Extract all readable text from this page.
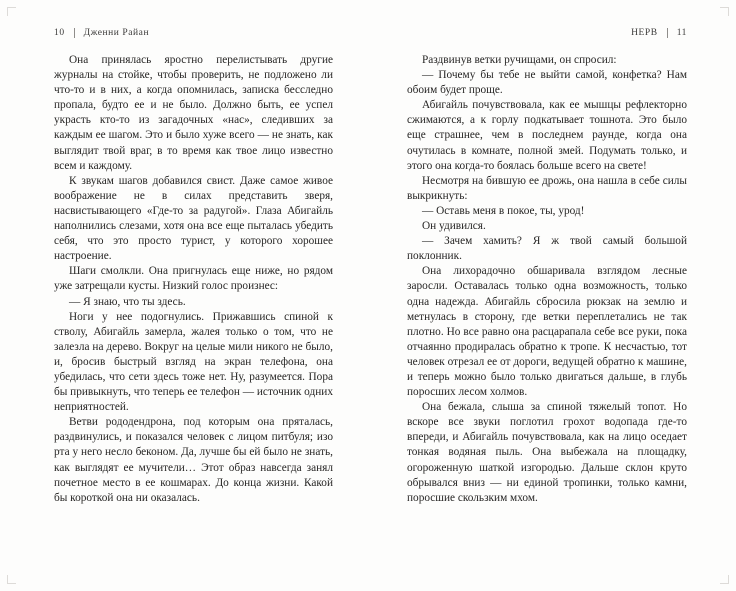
10 Дженни Райан

Она принялась яростно перелистывать другие журналы на стойке, чтобы проверить, не подложено ли что-то и в них, а когда опомнилась, записка бесследно пропала, будто ее и не было. Должно быть, ее успел украсть кто-то из загадочных «нас», следивших за каждым ее шагом. Это и было хуже всего — не знать, как выглядит твой враг, в то время как твое лицо известно всем и каждому.

К звукам шагов добавился свист. Даже самое живое воображение не в силах представить зверя, насвистывающего «Где-то за радугой». Глаза Абигайль наполнились слезами, хотя она все еще пыталась убедить себя, что это просто турист, у которого хорошее настроение.

Шаги смолкли. Она пригнулась еще ниже, но рядом уже затрещали кусты. Низкий голос произнес:

— Я знаю, что ты здесь.

Ноги у нее подогнулись. Прижавшись спиной к стволу, Абигайль замерла, жалея только о том, что не залезла на дерево. Вокруг на целые мили никого не было, и, бросив быстрый взгляд на экран телефона, она убедилась, что сети здесь тоже нет. Ну, разумеется. Пора бы привыкнуть, что теперь ее телефон — источник одних неприятностей.

Ветви рододендрона, под которым она пряталась, раздвинулись, и показался человек с лицом питбуля; изо рта у него несло беконом. Да, лучше бы ей было не знать, как выглядят ее мучители… Этот образ навсегда занял почетное место в ее кошмарах. До конца жизни. Какой бы короткой она ни оказалась.

НЕРВ 11

Раздвинув ветки ручищами, он спросил:

— Почему бы тебе не выйти самой, конфетка? Нам обоим будет проще.

Абигайль почувствовала, как ее мышцы рефлекторно сжимаются, а к горлу подкатывает тошнота. Это было еще страшнее, чем в последнем раунде, когда она очутилась в комнате, полной змей. Подумать только, и этого она когда-то боялась больше всего на свете!

Несмотря на бившую ее дрожь, она нашла в себе силы выкрикнуть:

— Оставь меня в покое, ты, урод!

Он удивился.

— Зачем хамить? Я ж твой самый большой поклонник.

Она лихорадочно обшаривала взглядом лесные заросли. Оставалась только одна возможность, только одна надежда. Абигайль сбросила рюкзак на землю и метнулась в сторону, где ветки переплетались не так плотно. Но все равно она расцарапала себе все руки, пока отчаянно продиралась обратно к тропе. К несчастью, тот человек отрезал ее от дороги, ведущей обратно к машине, и теперь можно было только двигаться дальше, в глубь поросших лесом холмов.

Она бежала, слыша за спиной тяжелый топот. Но вскоре все звуки поглотил грохот водопада где-то впереди, и Абигайль почувствовала, как на лицо оседает тонкая водяная пыль. Она выбежала на площадку, огороженную шаткой изгородью. Дальше склон круто обрывался вниз — ни единой тропинки, только камни, поросшие скользким мхом.
